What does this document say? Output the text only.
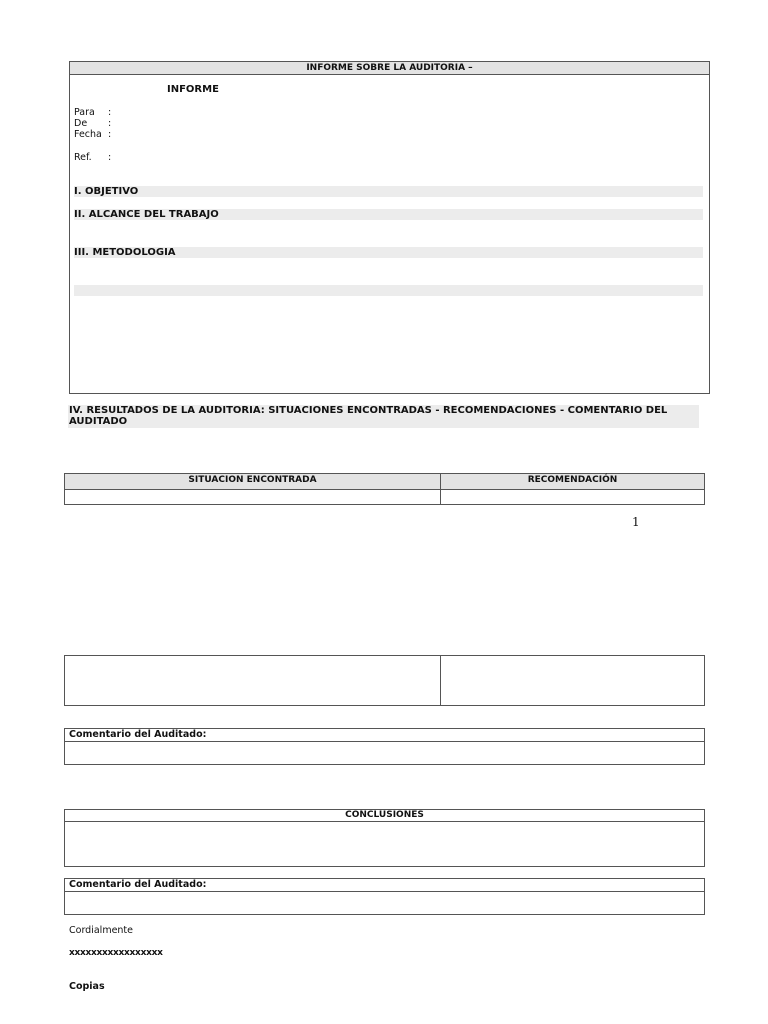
INFORME SOBRE LA AUDITORIA –
INFORME
Para :
De :
Fecha :
Ref. :
I. OBJETIVO
II. ALCANCE DEL TRABAJO
III. METODOLOGIA
IV. RESULTADOS DE LA AUDITORIA: SITUACIONES ENCONTRADAS - RECOMENDACIONES - COMENTARIO DEL AUDITADO
SITUACION ENCONTRADA	RECOMENDACIÓN
1
Comentario del Auditado:
CONCLUSIONES
Comentario del Auditado:
Cordialmente
xxxxxxxxxxxxxxxxx
Copias
